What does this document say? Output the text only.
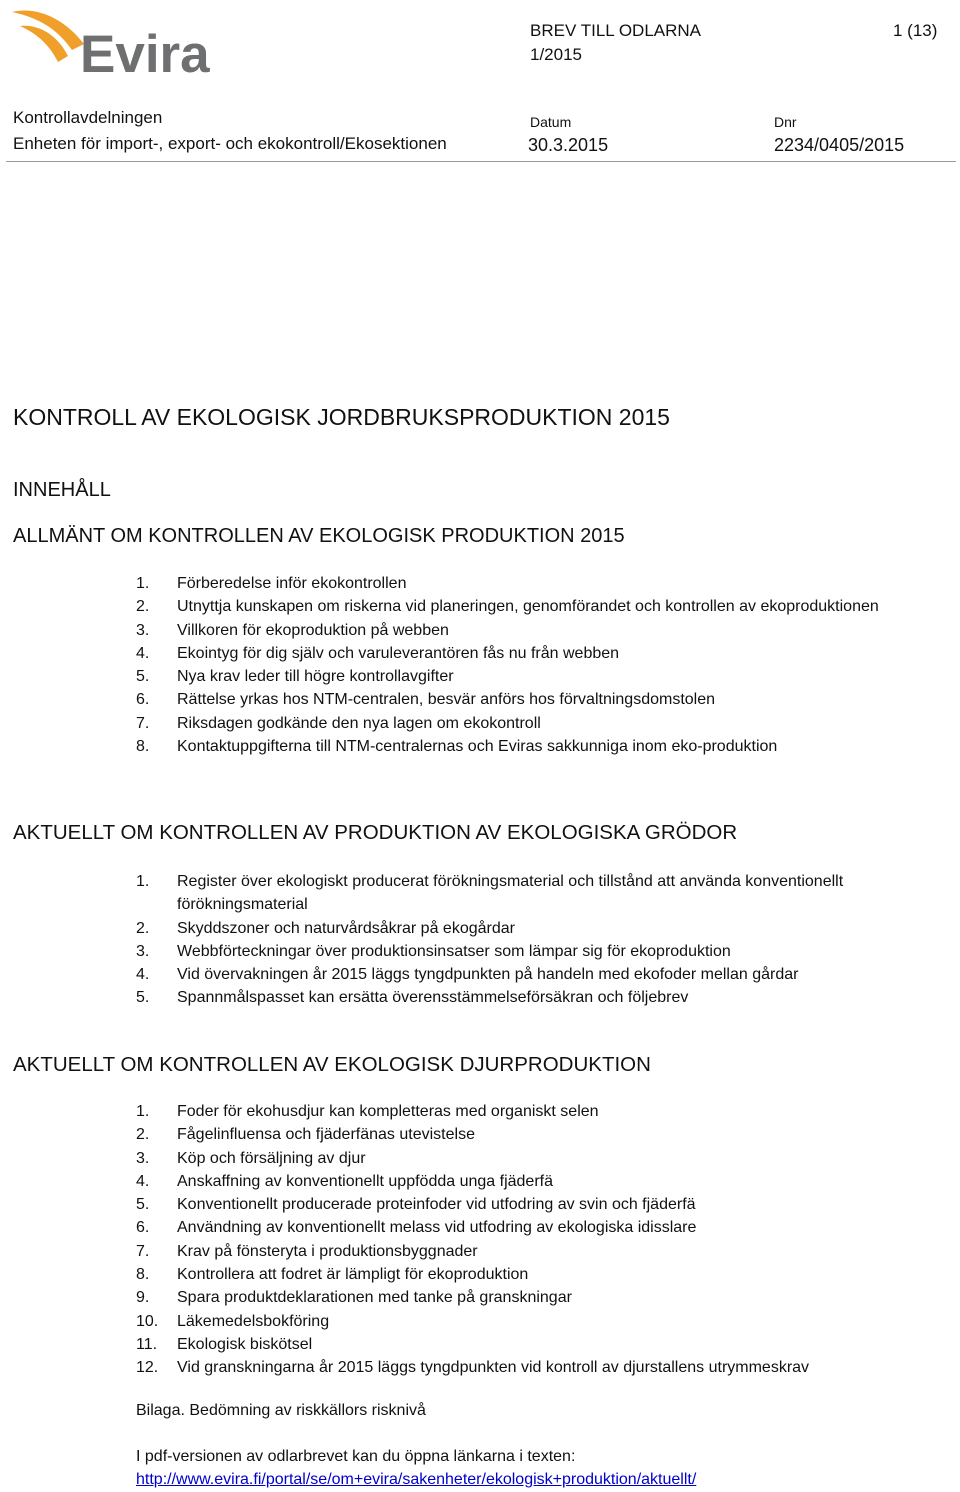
Evira	BREV TILL ODLARNA
1/2015
1 (13)
Kontrollavdelningen
Enheten för import-, export- och ekokontroll/Ekosektionen
Datum
30.3.2015
Dnr
2234/0405/2015
KONTROLL AV EKOLOGISK JORDBRUKSPRODUKTION 2015
INNEHÅLL
ALLMÄNT OM KONTROLLEN AV EKOLOGISK PRODUKTION 2015
1. Förberedelse inför ekokontrollen
2. Utnyttja kunskapen om riskerna vid planeringen, genomförandet och kontrollen av ekoproduktionen
3. Villkoren för ekoproduktion på webben
4. Ekointyg för dig själv och varuleverantören fås nu från webben
5. Nya krav leder till högre kontrollavgifter
6. Rättelse yrkas hos NTM-centralen, besvär anförs hos förvaltningsdomstolen
7. Riksdagen godkände den nya lagen om ekokontroll
8. Kontaktuppgifterna till NTM-centralernas och Eviras sakkunniga inom eko-produktion
AKTUELLT OM KONTROLLEN AV PRODUKTION AV EKOLOGISKA GRÖDOR
1. Register över ekologiskt producerat förökningsmaterial och tillstånd att använda konventionellt förökningsmaterial
2. Skyddszoner och naturvårdsåkrar på ekogårdar
3. Webbförteckningar över produktionsinsatser som lämpar sig för ekoproduktion
4. Vid övervakningen år 2015 läggs tyngdpunkten på handeln med ekofoder mellan gårdar
5. Spannmålspasset kan ersätta överensstämmelseförsäkran och följebrev
AKTUELLT OM KONTROLLEN AV EKOLOGISK DJURPRODUKTION
1. Foder för ekohusdjur kan kompletteras med organiskt selen
2. Fågelinfluensa och fjäderfänas utevistelse
3. Köp och försäljning av djur
4. Anskaffning av konventionellt uppfödda unga fjäderfä
5. Konventionellt producerade proteinfoder vid utfodring av svin och fjäderfä
6. Användning av konventionellt melass vid utfodring av ekologiska idisslare
7. Krav på fönsteryta i produktionsbyggnader
8. Kontrollera att fodret är lämpligt för ekoproduktion
9. Spara produktdeklarationen med tanke på granskningar
10. Läkemedelsbokföring
11. Ekologisk biskötsel
12. Vid granskningarna år 2015 läggs tyngdpunkten vid kontroll av djurstallens utrymmeskrav
Bilaga. Bedömning av riskkällors risknivå
I pdf-versionen av odlarbrevet kan du öppna länkarna i texten:
http://www.evira.fi/portal/se/om+evira/sakenheter/ekologisk+produktion/aktuellt/
